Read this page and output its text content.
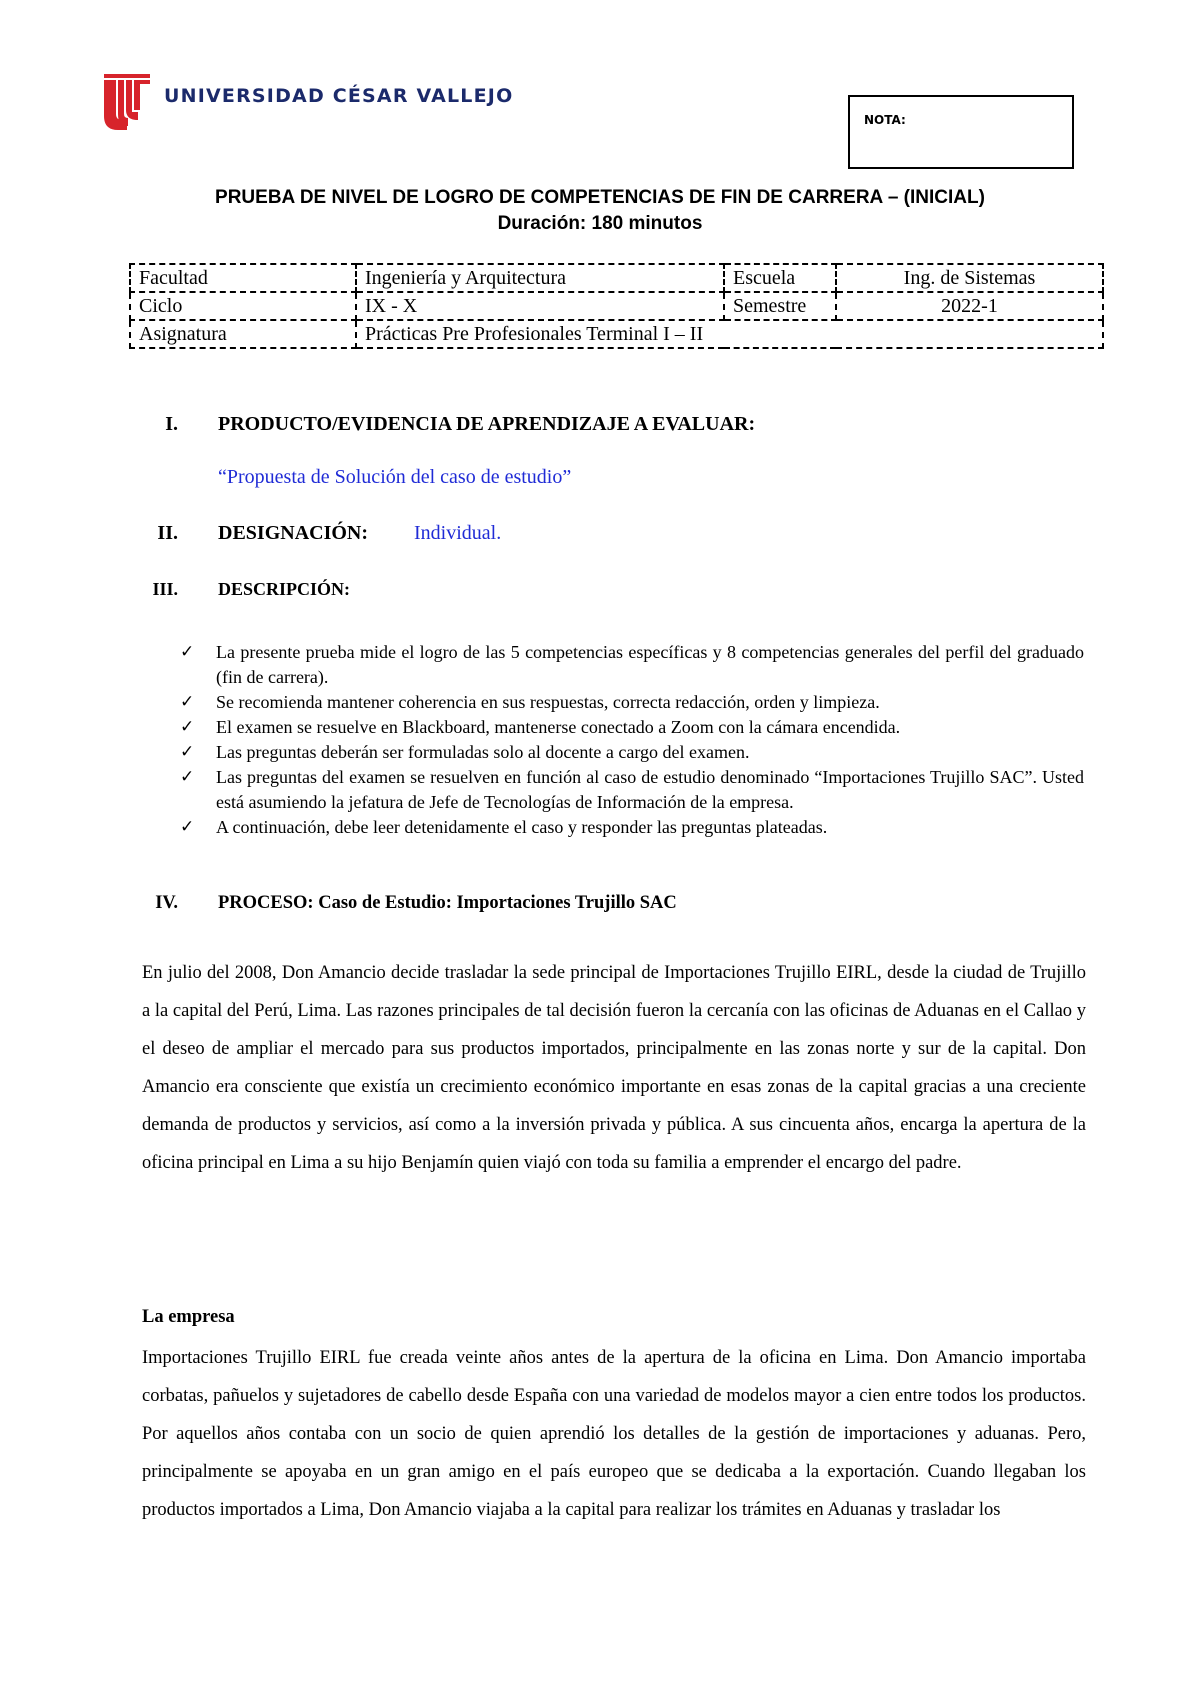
UNIVERSIDAD CÉSAR VALLEJO
NOTA:
PRUEBA DE NIVEL DE LOGRO DE COMPETENCIAS DE FIN DE CARRERA – (INICIAL)
Duración: 180 minutos
Facultad	Ingeniería y Arquitectura	Escuela	Ing. de Sistemas
Ciclo	IX - X	Semestre	2022-1
Asignatura	Prácticas Pre Profesionales Terminal I – II		
I. PRODUCTO/EVIDENCIA DE APRENDIZAJE A EVALUAR:
“Propuesta de Solución del caso de estudio”
II. DESIGNACIÓN: Individual.
III. DESCRIPCIÓN:
✓ La presente prueba mide el logro de las 5 competencias específicas y 8 competencias generales del perfil del graduado (fin de carrera).
✓ Se recomienda mantener coherencia en sus respuestas, correcta redacción, orden y limpieza.
✓ El examen se resuelve en Blackboard, mantenerse conectado a Zoom con la cámara encendida.
✓ Las preguntas deberán ser formuladas solo al docente a cargo del examen.
✓ Las preguntas del examen se resuelven en función al caso de estudio denominado “Importaciones Trujillo SAC”. Usted está asumiendo la jefatura de Jefe de Tecnologías de Información de la empresa.
✓ A continuación, debe leer detenidamente el caso y responder las preguntas plateadas.
IV. PROCESO: Caso de Estudio: Importaciones Trujillo SAC
En julio del 2008, Don Amancio decide trasladar la sede principal de Importaciones Trujillo EIRL, desde la ciudad de Trujillo a la capital del Perú, Lima. Las razones principales de tal decisión fueron la cercanía con las oficinas de Aduanas en el Callao y el deseo de ampliar el mercado para sus productos importados, principalmente en las zonas norte y sur de la capital. Don Amancio era consciente que existía un crecimiento económico importante en esas zonas de la capital gracias a una creciente demanda de productos y servicios, así como a la inversión privada y pública. A sus cincuenta años, encarga la apertura de la oficina principal en Lima a su hijo Benjamín quien viajó con toda su familia a emprender el encargo del padre.
La empresa
Importaciones Trujillo EIRL fue creada veinte años antes de la apertura de la oficina en Lima. Don Amancio importaba corbatas, pañuelos y sujetadores de cabello desde España con una variedad de modelos mayor a cien entre todos los productos. Por aquellos años contaba con un socio de quien aprendió los detalles de la gestión de importaciones y aduanas. Pero, principalmente se apoyaba en un gran amigo en el país europeo que se dedicaba a la exportación. Cuando llegaban los productos importados a Lima, Don Amancio viajaba a la capital para realizar los trámites en Aduanas y trasladar los
